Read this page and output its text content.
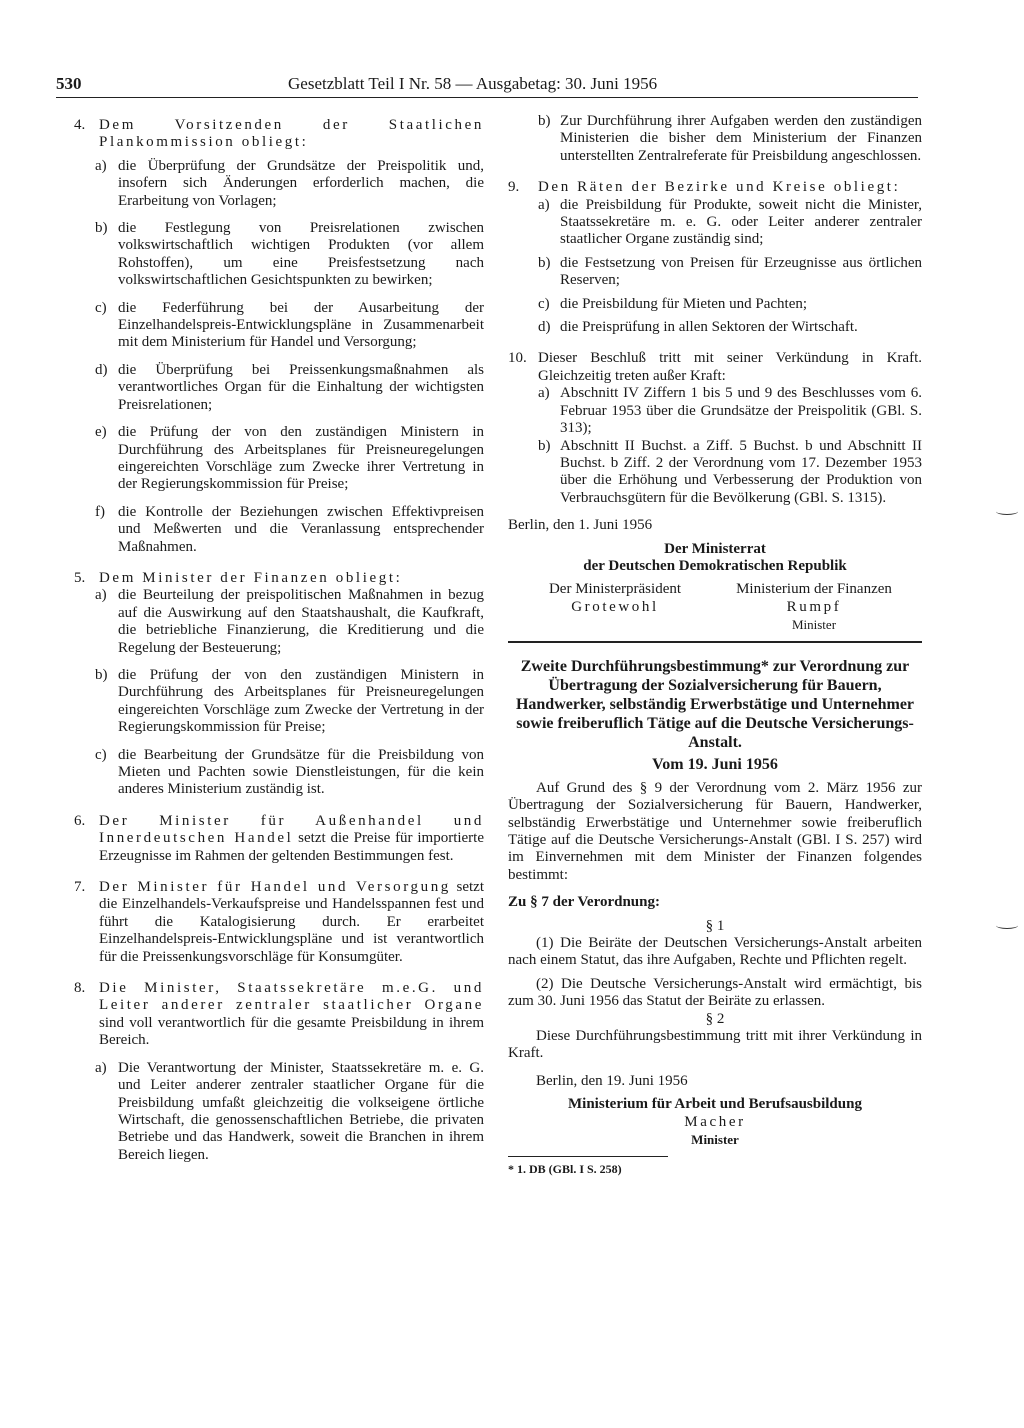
530	Gesetzblatt Teil I Nr. 58 — Ausgabetag: 30. Juni 1956
4. Dem Vorsitzenden der Staatlichen Plankommission obliegt:

a) die Überprüfung der Grundsätze der Preispolitik und, insofern sich Änderungen erforderlich machen, die Erarbeitung von Vorlagen;
b) die Festlegung von Preisrelationen zwischen volkswirtschaftlich wichtigen Produkten (vor allem Rohstoffen), um eine Preisfestsetzung nach volkswirtschaftlichen Gesichtspunkten zu bewirken;
c) die Federführung bei der Ausarbeitung der Einzelhandelspreis-Entwicklungspläne in Zusammenarbeit mit dem Ministerium für Handel und Versorgung;
d) die Überprüfung bei Preissenkungsmaßnahmen als verantwortliches Organ für die Einhaltung der wichtigsten Preisrelationen;
e) die Prüfung der von den zuständigen Ministern in Durchführung des Arbeitsplanes für Preisneuregelungen eingereichten Vorschläge zum Zwecke ihrer Vertretung in der Regierungskommission für Preise;
f) die Kontrolle der Beziehungen zwischen Effektivpreisen und Meßwerten und die Veranlassung entsprechender Maßnahmen.
5. Dem Minister der Finanzen obliegt:

a) die Beurteilung der preispolitischen Maßnahmen in bezug auf die Auswirkung auf den Staatshaushalt, die Kaufkraft, die betriebliche Finanzierung, die Kreditierung und die Regelung der Besteuerung;
b) die Prüfung der von den zuständigen Ministern in Durchführung des Arbeitsplanes für Preisneuregelungen eingereichten Vorschläge zum Zwecke der Vertretung in der Regierungskommission für Preise;
c) die Bearbeitung der Grundsätze für die Preisbildung von Mieten und Pachten sowie Dienstleistungen, für die kein anderes Ministerium zuständig ist.
6. Der Minister für Außenhandel und Innerdeutschen Handel setzt die Preise für importierte Erzeugnisse im Rahmen der geltenden Bestimmungen fest.

7. Der Minister für Handel und Versorgung setzt die Einzelhandels-Verkaufspreise und Handelsspannen fest und führt die Katalogisierung durch. Er erarbeitet Einzelhandelspreis-Entwicklungspläne und ist verantwortlich für die Preissenkungsvorschläge für Konsumgüter.

8. Die Minister, Staatssekretäre m.e.G. und Leiter anderer zentraler staatlicher Organe sind voll verantwortlich für die gesamte Preisbildung in ihrem Bereich.

a) Die Verantwortung der Minister, Staatssekretäre m. e. G. und Leiter anderer zentraler staatlicher Organe für die Preisbildung umfaßt gleichzeitig die volkseigene örtliche Wirtschaft, die genossenschaftlichen Betriebe, die privaten Betriebe und das Handwerk, soweit die Branchen in ihrem Bereich liegen.
b) Zur Durchführung ihrer Aufgaben werden den zuständigen Ministerien die bisher dem Ministerium der Finanzen unterstellten Zentralreferate für Preisbildung angeschlossen.
9. Den Räten der Bezirke und Kreise obliegt:

a) die Preisbildung für Produkte, soweit nicht die Minister, Staatssekretäre m. e. G. oder Leiter anderer zentraler staatlicher Organe zuständig sind;
b) die Festsetzung von Preisen für Erzeugnisse aus örtlichen Reserven;
c) die Preisbildung für Mieten und Pachten;
d) die Preisprüfung in allen Sektoren der Wirtschaft.
10. Dieser Beschluß tritt mit seiner Verkündung in Kraft. Gleichzeitig treten außer Kraft:

a) Abschnitt IV Ziffern 1 bis 5 und 9 des Beschlusses vom 6. Februar 1953 über die Grundsätze der Preispolitik (GBl. S. 313);
b) Abschnitt II Buchst. a Ziff. 5 Buchst. b und Abschnitt II Buchst. b Ziff. 2 der Verordnung vom 17. Dezember 1953 über die Erhöhung und Verbesserung der Produktion von Verbrauchsgütern für die Bevölkerung (GBl. S. 1315).

Berlin, den 1. Juni 1956

Der Ministerrat
der Deutschen Demokratischen Republik
Der Ministerpräsident
Grotewohl
Ministerium der Finanzen
Rumpf
Minister
Zweite Durchführungsbestimmung* zur Verordnung zur Übertragung der Sozialversicherung für Bauern, Handwerker, selbständig Erwerbstätige und Unternehmer sowie freiberuflich Tätige auf die Deutsche Versicherungs-Anstalt.
Vom 19. Juni 1956

Auf Grund des § 9 der Verordnung vom 2. März 1956 zur Übertragung der Sozialversicherung für Bauern, Handwerker, selbständig Erwerbstätige und Unternehmer sowie freiberuflich Tätige auf die Deutsche Versicherungs-Anstalt (GBl. I S. 257) wird im Einvernehmen mit dem Minister der Finanzen folgendes bestimmt:

Zu § 7 der Verordnung:

§ 1

(1) Die Beiräte der Deutschen Versicherungs-Anstalt arbeiten nach einem Statut, das ihre Aufgaben, Rechte und Pflichten regelt.

(2) Die Deutsche Versicherungs-Anstalt wird ermächtigt, bis zum 30. Juni 1956 das Statut der Beiräte zu erlassen.

§ 2

Diese Durchführungsbestimmung tritt mit ihrer Verkündung in Kraft.

Berlin, den 19. Juni 1956

Ministerium für Arbeit und Berufsausbildung
Macher
Minister
* 1. DB (GBl. I S. 258)
